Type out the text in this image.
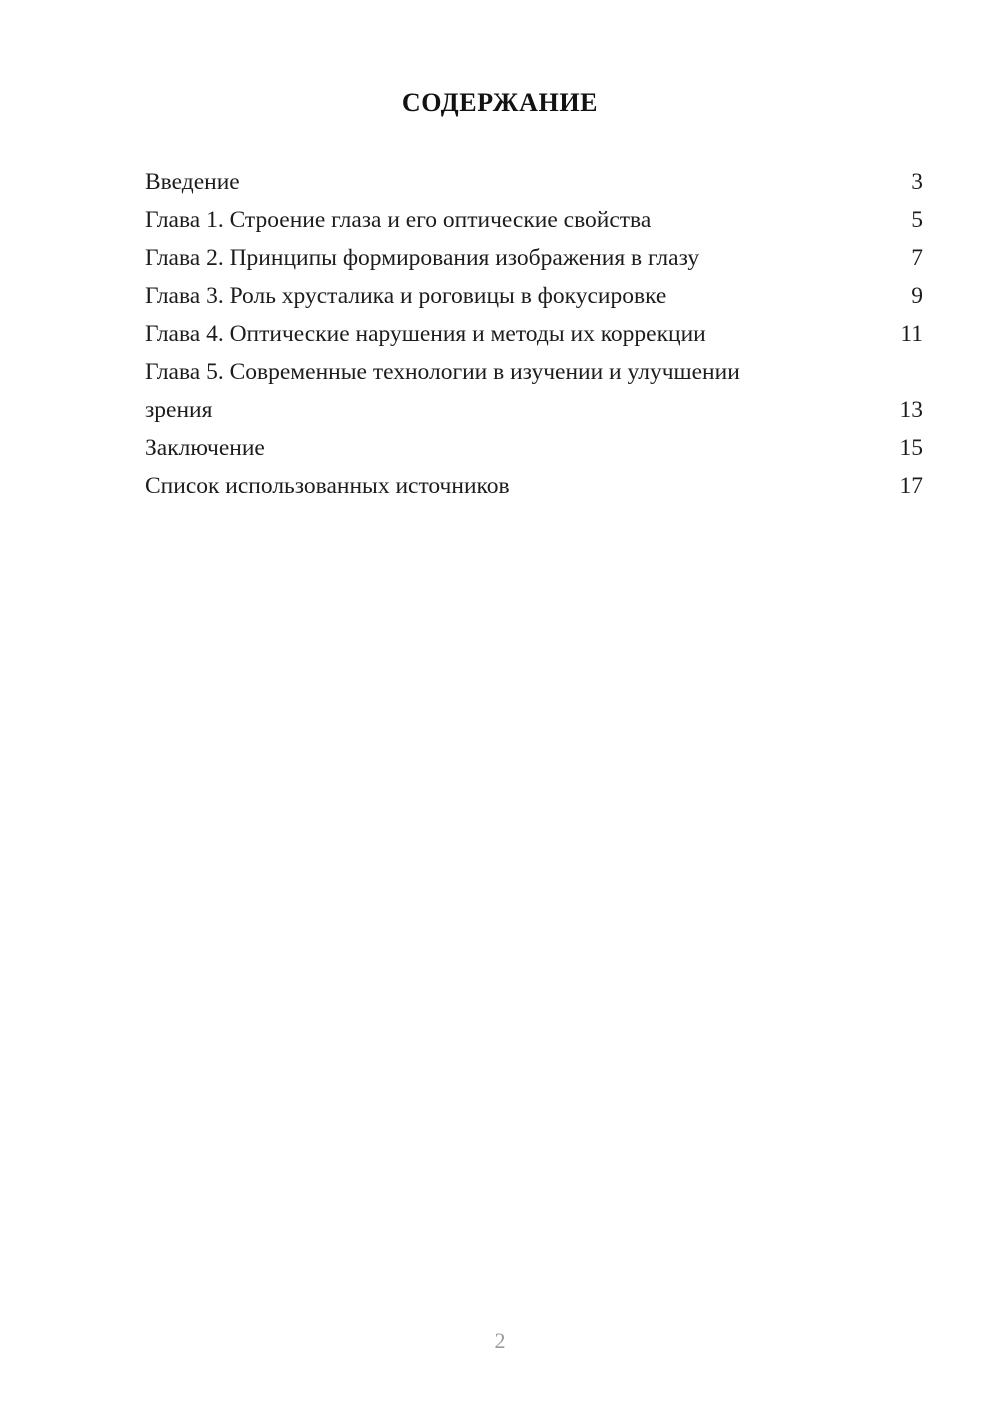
СОДЕРЖАНИЕ
Введение	3
Глава 1. Строение глаза и его оптические свойства	5
Глава 2. Принципы формирования изображения в глазу	7
Глава 3. Роль хрусталика и роговицы в фокусировке	9
Глава 4. Оптические нарушения и методы их коррекции	11
Глава 5. Современные технологии в изучении и улучшении зрения	13
Заключение	15
Список использованных источников	17
2
